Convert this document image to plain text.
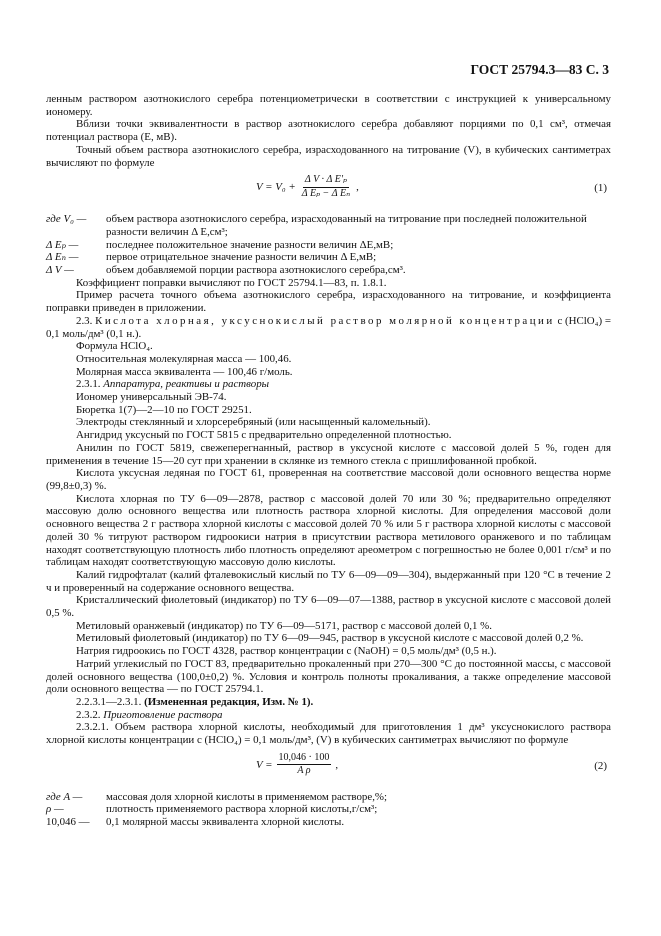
ГОСТ 25794.3—83 С. 3

ленным раствором азотнокислого серебра потенциометрически в соответствии с инструкцией к универсальному иономеру.

Вблизи точки эквивалентности в раствор азотнокислого серебра добавляют порциями по 0,1 см³, отмечая потенциал раствора (E, мВ).

Точный объем раствора азотнокислого серебра, израсходованного на титрование (V), в кубических сантиметрах вычисляют по формуле

$V = V_0 + \frac{\text{Δ V · Δ E′ₚ}}{\text{Δ Eₚ − Δ Eₙ}}$ ,	(1)
где V₀ —	объем раствора азотнокислого серебра, израсходованный на титрование при последней положительной разности величин Δ E,см³;
Δ Eₚ —	последнее положительное значение разности величин ΔE,мВ;
Δ Eₙ —	первое отрицательное значение разности величин Δ E,мВ;
Δ V —	объем добавляемой порции раствора азотнокислого серебра,см³.

Коэффициент поправки вычисляют по ГОСТ 25794.1—83, п. 1.8.1.

Пример расчета точного объема азотнокислого серебра, израсходованного на титрование, и коэффициента поправки приведен в приложении.

2.3. Кислота хлорная, уксуснокислый раствор молярной концентрации с (HClO₄) = 0,1 моль/дм³ (0,1 н.).

Формула HClO₄.

Относительная молекулярная масса — 100,46.

Молярная масса эквивалента — 100,46 г/моль.

2.3.1. Аппаратура, реактивы и растворы

Иономер универсальный ЭВ-74.

Бюретка 1(7)—2—10 по ГОСТ 29251.

Электроды стеклянный и хлорсеребряный (или насыщенный каломельный).

Ангидрид уксусный по ГОСТ 5815 с предварительно определенной плотностью.

Анилин по ГОСТ 5819, свежеперегнанный, раствор в уксусной кислоте с массовой долей 5 %, годен для применения в течение 15—20 сут при хранении в склянке из темного стекла с пришлифованной пробкой.

Кислота уксусная ледяная по ГОСТ 61, проверенная на соответствие массовой доли основного вещества норме (99,8±0,3) %.

Кислота хлорная по ТУ 6—09—2878, раствор с массовой долей 70 или 30 %; предварительно определяют массовую долю основного вещества или плотность раствора хлорной кислоты. Для определения массовой доли основного вещества 2 г раствора хлорной кислоты с массовой долей 70 % или 5 г раствора хлорной кислоты с массовой долей 30 % титруют раствором гидроокиси натрия в присутствии раствора метилового оранжевого и по таблицам находят соответствующую плотность либо плотность определяют ареометром с погрешностью не более 0,001 г/см³ и по таблицам находят соответствующую массовую долю кислоты.

Калий гидрофталат (калий фталевокислый кислый по ТУ 6—09—09—304), выдержанный при 120 °С в течение 2 ч и проверенный на содержание основного вещества.

Кристаллический фиолетовый (индикатор) по ТУ 6—09—07—1388, раствор в уксусной кислоте с массовой долей 0,5 %.

Метиловый оранжевый (индикатор) по ТУ 6—09—5171, раствор с массовой долей 0,1 %.

Метиловый фиолетовый (индикатор) по ТУ 6—09—945, раствор в уксусной кислоте с массовой долей 0,2 %.

Натрия гидроокись по ГОСТ 4328, раствор концентрации с (NaOH) = 0,5 моль/дм³ (0,5 н.).

Натрий углекислый по ГОСТ 83, предварительно прокаленный при 270—300 °С до постоянной массы, с массовой долей основного вещества (100,0±0,2) %. Условия и контроль полноты прокаливания, а также определение массовой доли основного вещества — по ГОСТ 25794.1.

2.2.3.1—2.3.1. (Измененная редакция, Изм. № 1).

2.3.2. Приготовление раствора

2.3.2.1. Объем раствора хлорной кислоты, необходимый для приготовления 1 дм³ уксуснокислого раствора хлорной кислоты концентрации с (HClO₄) = 0,1 моль/дм³, (V) в кубических сантиметрах вычисляют по формуле

$V = \frac{10,046 \cdot 100}{\text{A ρ}}$ ,	(2)
где A —	массовая доля хлорной кислоты в применяемом растворе,%;
ρ —	плотность применяемого раствора хлорной кислоты,г/см³;
10,046 —	0,1 молярной массы эквивалента хлорной кислоты.
